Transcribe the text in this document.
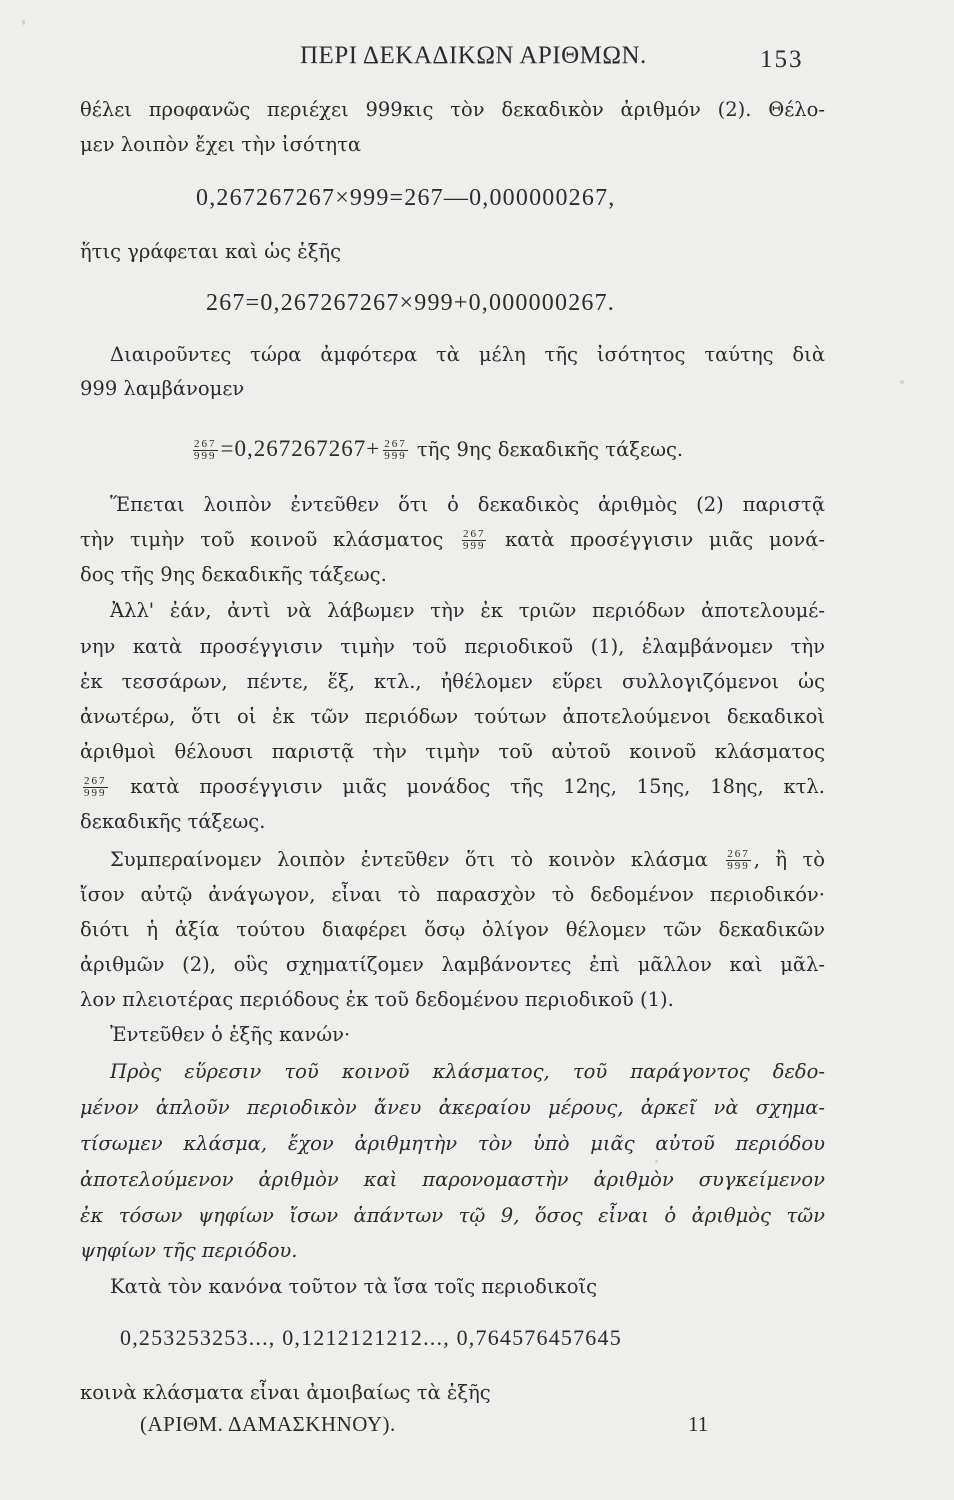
ΠΕΡΙ ΔΕΚΑΔΙΚΩΝ ΑΡΙΘΜΩΝ.	153
θέλει προφανῶς περιέχει 999κις τὸν δεκαδικὸν ἀριθμόν (2). Θέλο-
μεν λοιπὸν ἔχει τὴν ἰσότητα
0,267267267×999=267—0,000000267,
ἥτις γράφεται καὶ ὡς ἑξῆς
267=0,267267267×999+0,000000267.
Διαιροῦντες τώρα ἀμφότερα τὰ μέλη τῆς ἰσότητος ταύτης διὰ
999 λαμβάνομεν
$\frac{267}{999} =0,267267267+ \frac{267}{999}$ τῆς 9ης δεκαδικῆς τάξεως.
Ἕπεται λοιπὸν ἐντεῦθεν ὅτι ὁ δεκαδικὸς ἀριθμὸς (2) παριστᾷ
τὴν τιμὴν τοῦ κοινοῦ κλάσματος $\frac{267}{999}$ κατὰ προσέγγισιν μιᾶς μονά-
δος τῆς 9ης δεκαδικῆς τάξεως.
Ἀλλ' ἐάν, ἀντὶ νὰ λάβωμεν τὴν ἐκ τριῶν περιόδων ἀποτελουμέ-
νην κατὰ προσέγγισιν τιμὴν τοῦ περιοδικοῦ (1), ἐλαμβάνομεν τὴν
ἐκ τεσσάρων, πέντε, ἕξ, κτλ., ἠθέλομεν εὕρει συλλογιζόμενοι ὡς
ἀνωτέρω, ὅτι οἱ ἐκ τῶν περιόδων τούτων ἀποτελούμενοι δεκαδικοὶ
ἀριθμοὶ θέλουσι παριστᾷ τὴν τιμὴν τοῦ αὐτοῦ κοινοῦ κλάσματος
$\frac{267}{999}$ κατὰ προσέγγισιν μιᾶς μονάδος τῆς 12ης, 15ης, 18ης, κτλ.
δεκαδικῆς τάξεως.
Συμπεραίνομεν λοιπὸν ἐντεῦθεν ὅτι τὸ κοινὸν κλάσμα $\frac{267}{999}$ , ἢ τὸ
ἴσον αὐτῷ ἀνάγωγον, εἶναι τὸ παρασχὸν τὸ δεδομένον περιοδικόν·
διότι ἡ ἀξία τούτου διαφέρει ὅσῳ ὀλίγον θέλομεν τῶν δεκαδικῶν
ἀριθμῶν (2), οὓς σχηματίζομεν λαμβάνοντες ἐπὶ μᾶλλον καὶ μᾶλ-
λον πλειοτέρας περιόδους ἐκ τοῦ δεδομένου περιοδικοῦ (1).
Ἐντεῦθεν ὁ ἑξῆς κανών·
Πρὸς εὕρεσιν τοῦ κοινοῦ κλάσματος, τοῦ παράγοντος δεδο-
μένον ἁπλοῦν περιοδικὸν ἄνευ ἀκεραίου μέρους, ἀρκεῖ νὰ σχημα-
τίσωμεν κλάσμα, ἔχον ἀριθμητὴν τὸν ὑπὸ μιᾶς αὐτοῦ περιόδου
ἀποτελούμενον ἀριθμὸν καὶ παρονομαστὴν ἀριθμὸν συγκείμενον
ἐκ τόσων ψηφίων ἴσων ἁπάντων τῷ 9, ὅσος εἶναι ὁ ἀριθμὸς τῶν
ψηφίων τῆς περιόδου.
Κατὰ τὸν κανόνα τοῦτον τὰ ἴσα τοῖς περιοδικοῖς
0,253253253..., 0,1212121212..., 0,764576457645
κοινὰ κλάσματα εἶναι ἀμοιβαίως τὰ ἑξῆς
(ΑΡΙΘΜ. ΔΑΜΑΣΚΗΝΟΥ).	11
